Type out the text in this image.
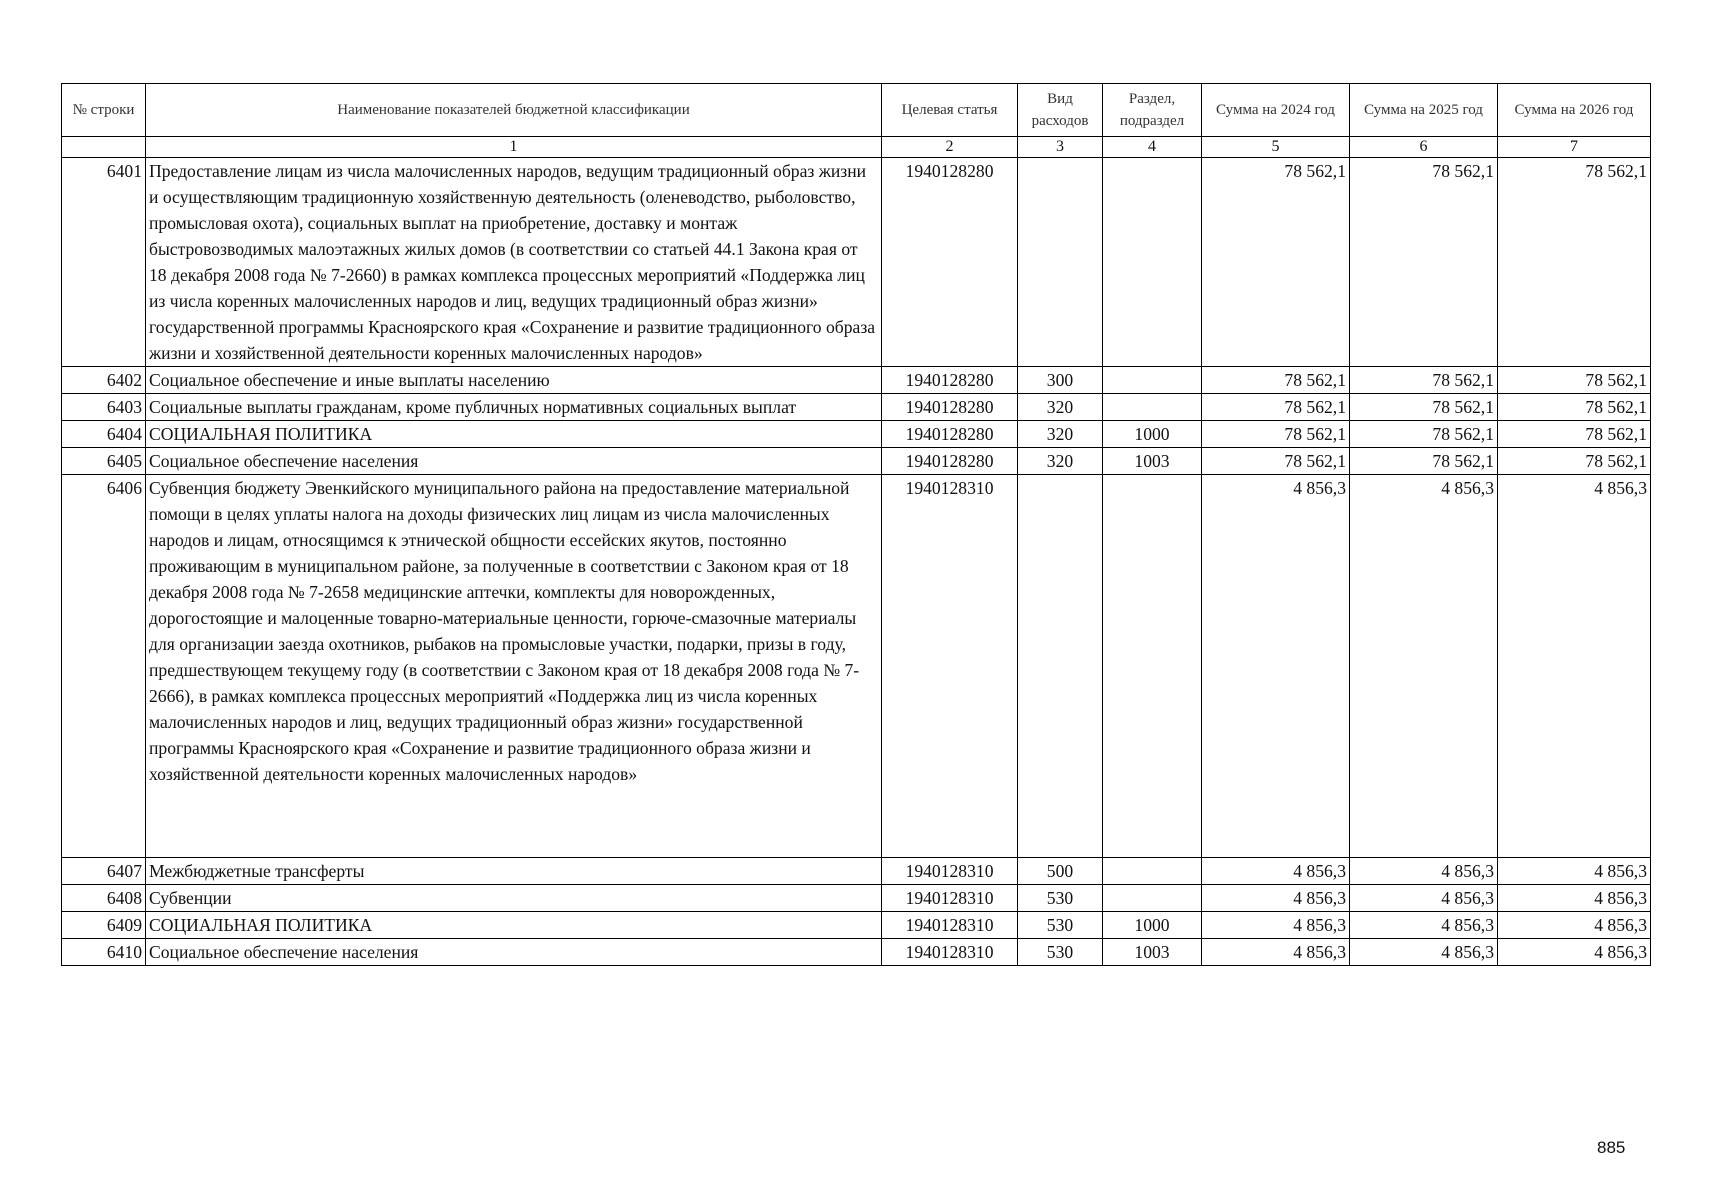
№ строки	Наименование показателей бюджетной классификации	Целевая статья	Вид расходов	Раздел, подраздел	Сумма на 2024 год	Сумма на 2025 год	Сумма на 2026 год
	1	2	3	4	5	6	7
6401	Предоставление лицам из числа малочисленных народов, ведущим традиционный образ жизни и осуществляющим традиционную хозяйственную деятельность (оленеводство, рыболовство, промысловая охота), социальных выплат на приобретение, доставку и монтаж быстровозводимых малоэтажных жилых домов (в соответствии со статьей 44.1 Закона края от 18 декабря 2008 года № 7-2660) в рамках комплекса процессных мероприятий «Поддержка лиц из числа коренных малочисленных народов и лиц, ведущих традиционный образ жизни» государственной программы Красноярского края «Сохранение и развитие традиционного образа жизни и хозяйственной деятельности коренных малочисленных народов»	1940128280			78 562,1	78 562,1	78 562,1
6402	Социальное обеспечение и иные выплаты населению	1940128280	300		78 562,1	78 562,1	78 562,1
6403	Социальные выплаты гражданам, кроме публичных нормативных социальных выплат	1940128280	320		78 562,1	78 562,1	78 562,1
6404	СОЦИАЛЬНАЯ ПОЛИТИКА	1940128280	320	1000	78 562,1	78 562,1	78 562,1
6405	Социальное обеспечение населения	1940128280	320	1003	78 562,1	78 562,1	78 562,1
6406	Субвенция бюджету Эвенкийского муниципального района на предоставление материальной помощи в целях уплаты налога на доходы физических лиц лицам из числа малочисленных народов и лицам, относящимся к этнической общности ессейских якутов, постоянно проживающим в муниципальном районе, за полученные в соответствии с Законом края от 18 декабря 2008 года № 7-2658 медицинские аптечки, комплекты для новорожденных, дорогостоящие и малоценные товарно-материальные ценности, горюче-смазочные материалы для организации заезда охотников, рыбаков на промысловые участки, подарки, призы в году, предшествующем текущему году (в соответствии с Законом края от 18 декабря 2008 года № 7-2666), в рамках комплекса процессных мероприятий «Поддержка лиц из числа коренных малочисленных народов и лиц, ведущих традиционный образ жизни» государственной программы Красноярского края «Сохранение и развитие традиционного образа жизни и хозяйственной деятельности коренных малочисленных народов»	1940128310			4 856,3	4 856,3	4 856,3
6407	Межбюджетные трансферты	1940128310	500		4 856,3	4 856,3	4 856,3
6408	Субвенции	1940128310	530		4 856,3	4 856,3	4 856,3
6409	СОЦИАЛЬНАЯ ПОЛИТИКА	1940128310	530	1000	4 856,3	4 856,3	4 856,3
6410	Социальное обеспечение населения	1940128310	530	1003	4 856,3	4 856,3	4 856,3
885
